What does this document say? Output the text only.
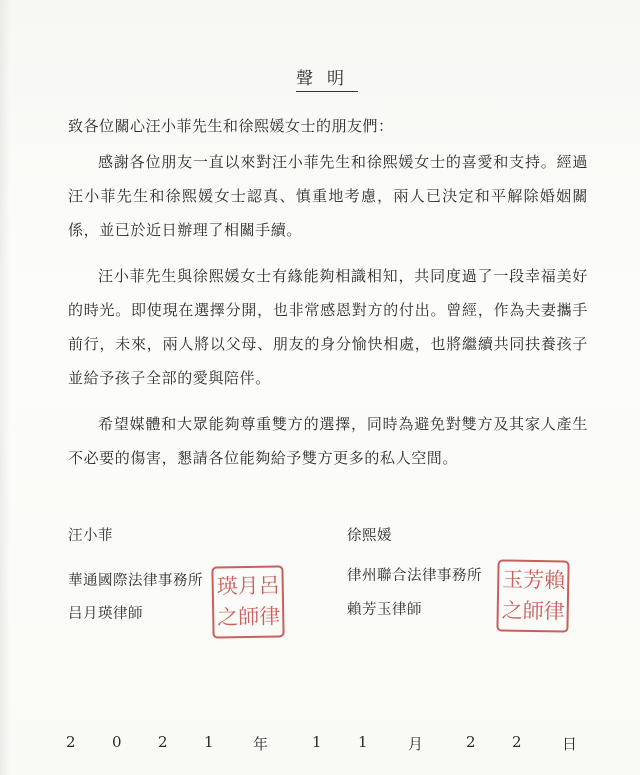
聲明
致各位關心汪小菲先生和徐熙媛女士的朋友們：
感謝各位朋友一直以來對汪小菲先生和徐熙媛女士的喜愛和支持。經過汪小菲先生和徐熙媛女士認真、慎重地考慮，兩人已決定和平解除婚姻關係，並已於近日辦理了相關手續。
汪小菲先生與徐熙媛女士有緣能夠相識相知，共同度過了一段幸福美好的時光。即使現在選擇分開，也非常感恩對方的付出。曾經，作為夫妻攜手前行，未來，兩人將以父母、朋友的身分愉快相處，也將繼續共同扶養孩子並給予孩子全部的愛與陪伴。
希望媒體和大眾能夠尊重雙方的選擇，同時為避免對雙方及其家人產生不必要的傷害，懇請各位能夠給予雙方更多的私人空間。
汪小菲
華通國際法律事務所
吕月瑛律師
瑛 月 呂
之 師 律
徐熙媛
律州聯合法律事務所
賴芳玉律師
玉 芳 賴
之 師 律
2 0 2 1	年	1 1	月	2 2	日
